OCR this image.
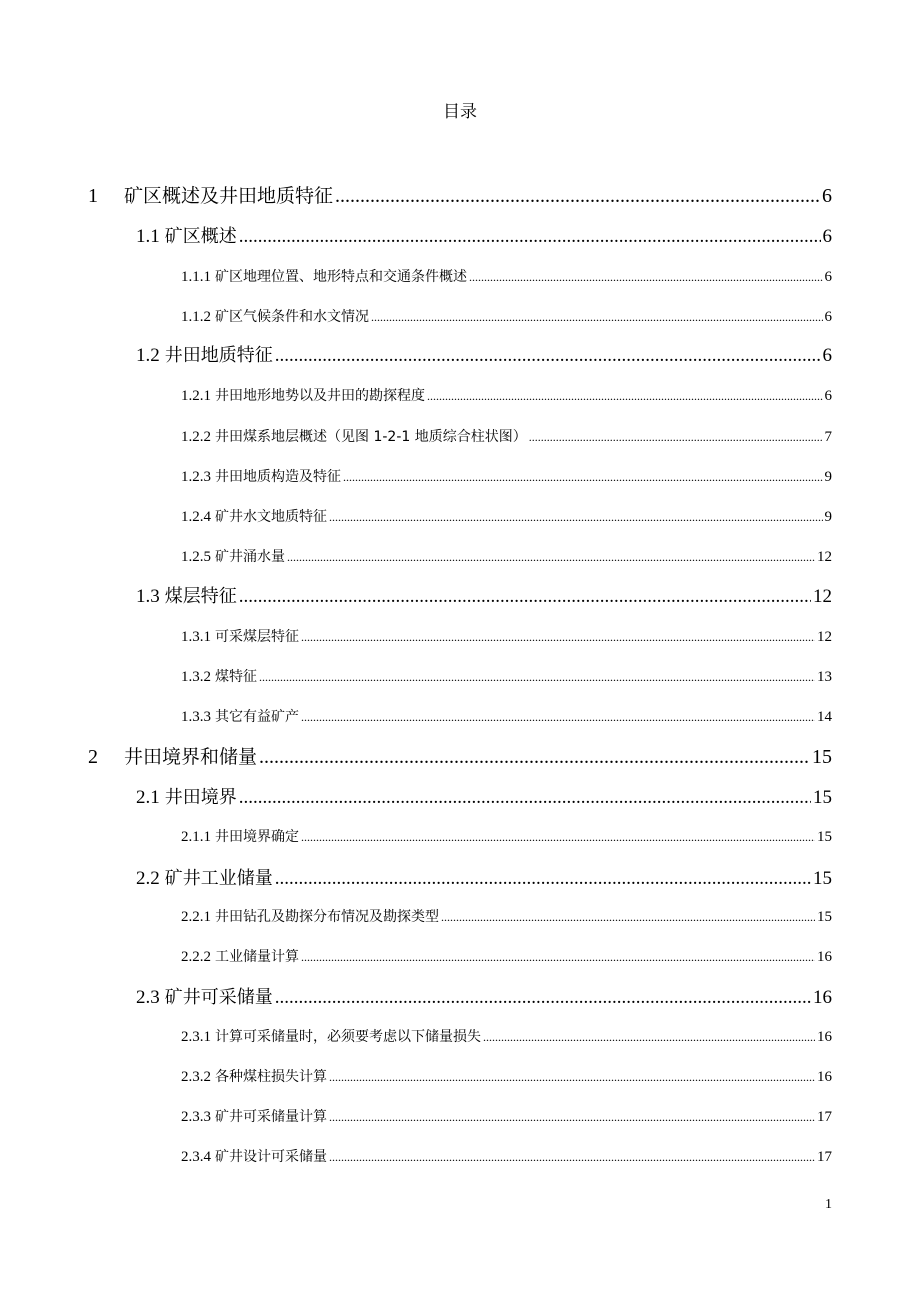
目录
1	矿区概述及井田地质特征 .....	6
1.1 矿区概述 .....	6
1.1.1 矿区地理位置、地形特点和交通条件概述 .....	6
1.1.2 矿区气候条件和水文情况 .....	6
1.2 井田地质特征 .....	6
1.2.1 井田地形地势以及井田的勘探程度 .....	6
1.2.2 井田煤系地层概述（见图 1-2-1 地质综合柱状图） .....	7
1.2.3 井田地质构造及特征 .....	9
1.2.4 矿井水文地质特征 .....	9
1.2.5 矿井涌水量 .....	12
1.3 煤层特征 .....	12
1.3.1 可采煤层特征 .....	12
1.3.2 煤特征 .....	13
1.3.3 其它有益矿产 .....	14
2	井田境界和储量 .....	15
2.1 井田境界 .....	15
2.1.1 井田境界确定 .....	15
2.2 矿井工业储量 .....	15
2.2.1 井田钻孔及勘探分布情况及勘探类型 .....	15
2.2.2 工业储量计算 .....	16
2.3 矿井可采储量 .....	16
2.3.1 计算可采储量时，必须要考虑以下储量损失 .....	16
2.3.2 各种煤柱损失计算 .....	16
2.3.3 矿井可采储量计算 .....	17
2.3.4 矿井设计可采储量 .....	17
1
